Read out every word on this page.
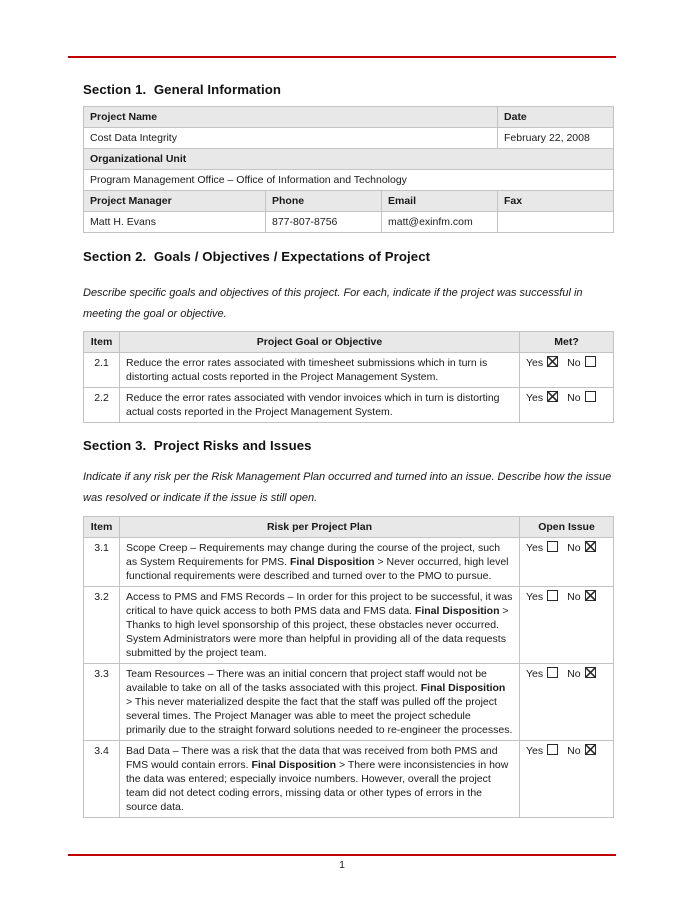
Section 1.  General Information
Project Name			Date
Cost Data Integrity			February 22, 2008
Organizational Unit			
Program Management Office – Office of Information and Technology			
Project Manager	Phone	Email	Fax
Matt H. Evans	877-807-8756	matt@exinfm.com	
Section 2.  Goals / Objectives / Expectations of Project

Describe specific goals and objectives of this project. For each, indicate if the project was successful in meeting the goal or objective.

Item	Project Goal or Objective	Met?
2.1	Reduce the error rates associated with timesheet submissions which in turn is distorting actual costs reported in the Project Management System.	Yes No
2.2	Reduce the error rates associated with vendor invoices which in turn is distorting actual costs reported in the Project Management System.	Yes No
Section 3.  Project Risks and Issues

Indicate if any risk per the Risk Management Plan occurred and turned into an issue. Describe how the issue was resolved or indicate if the issue is still open.

Item	Risk per Project Plan	Open Issue
3.1	Scope Creep – Requirements may change during the course of the project, such as System Requirements for PMS. Final Disposition > Never occurred, high level functional requirements were described and turned over to the PMO to pursue.	Yes No
3.2	Access to PMS and FMS Records – In order for this project to be successful, it was critical to have quick access to both PMS data and FMS data. Final Disposition > Thanks to high level sponsorship of this project, these obstacles never occurred. System Administrators were more than helpful in providing all of the data requests submitted by the project team.	Yes No
3.3	Team Resources – There was an initial concern that project staff would not be available to take on all of the tasks associated with this project. Final Disposition > This never materialized despite the fact that the staff was pulled off the project several times. The Project Manager was able to meet the project schedule primarily due to the straight forward solutions needed to re-engineer the processes.	Yes No
3.4	Bad Data – There was a risk that the data that was received from both PMS and FMS would contain errors. Final Disposition > There were inconsistencies in how the data was entered; especially invoice numbers. However, overall the project team did not detect coding errors, missing data or other types of errors in the source data.	Yes No
1
